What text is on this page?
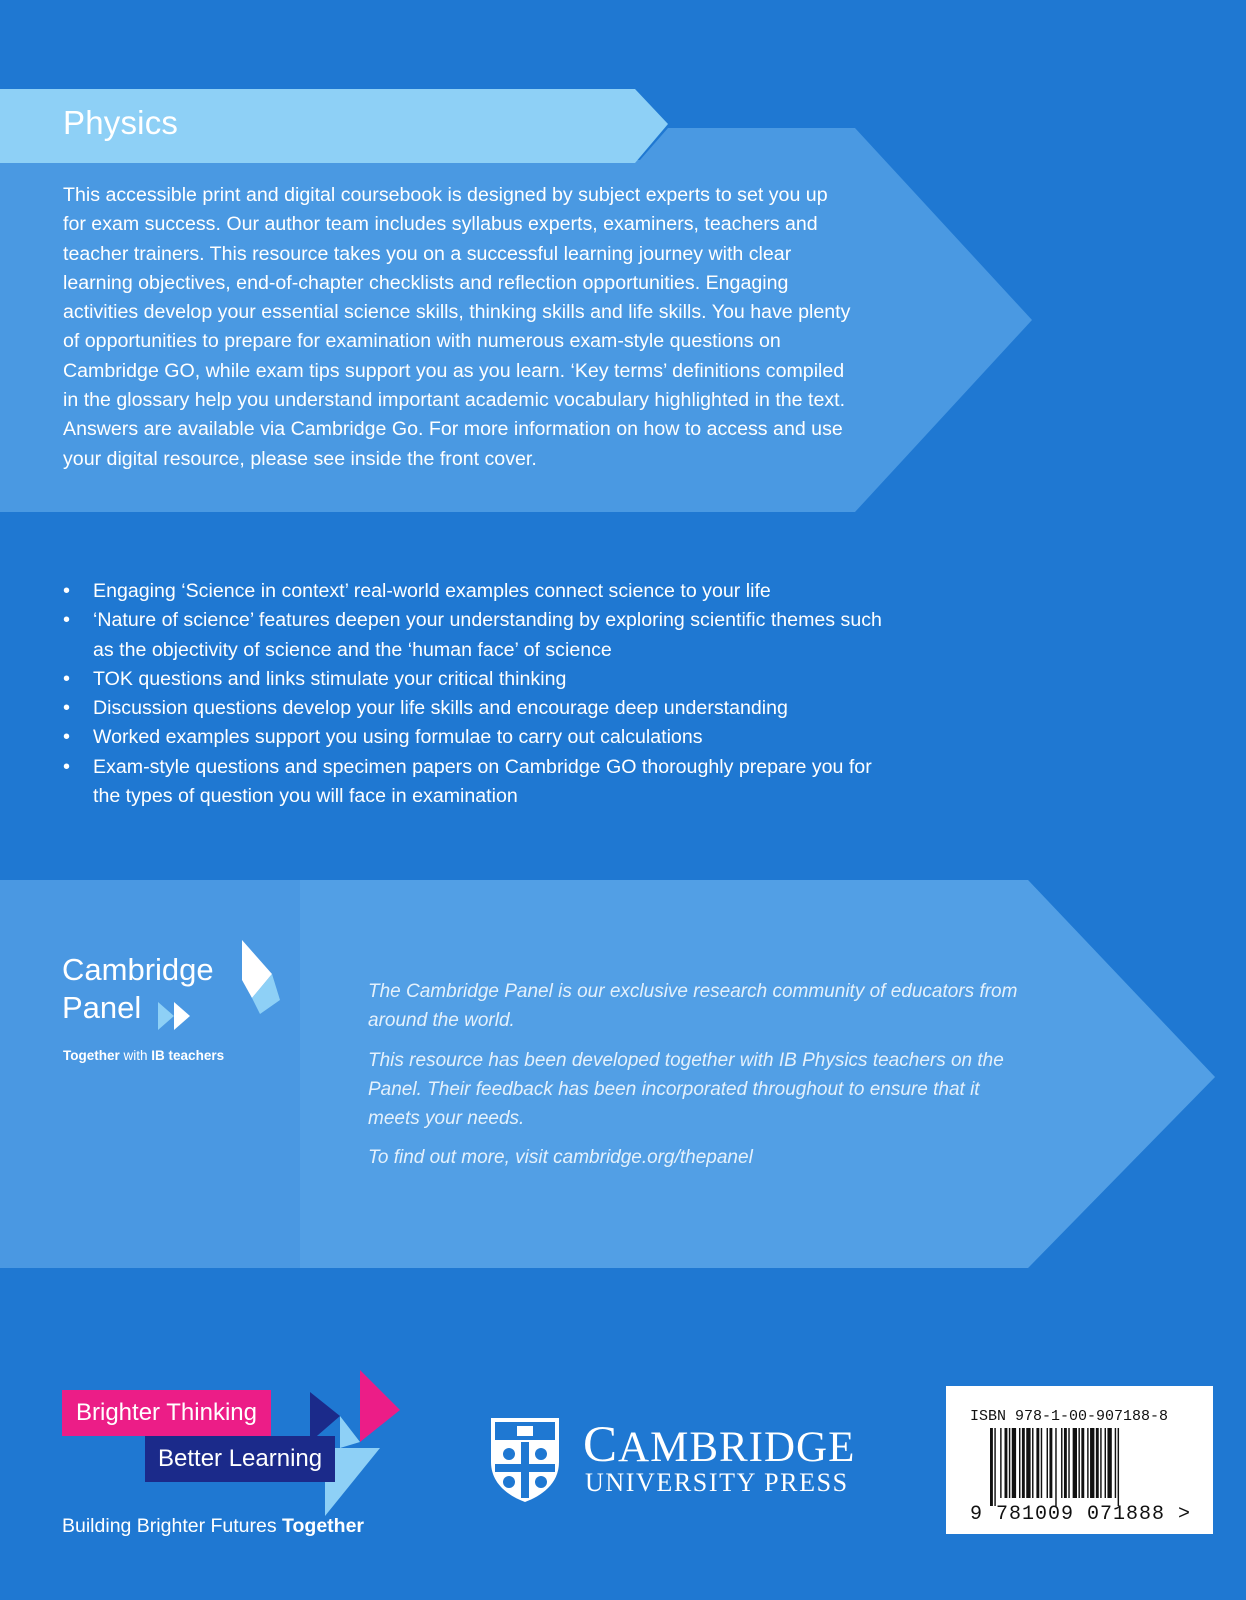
Physics

This accessible print and digital coursebook is designed by subject experts to set you up for exam success. Our author team includes syllabus experts, examiners, teachers and teacher trainers. This resource takes you on a successful learning journey with clear learning objectives, end-of-chapter checklists and reflection opportunities. Engaging activities develop your essential science skills, thinking skills and life skills. You have plenty of opportunities to prepare for examination with numerous exam-style questions on Cambridge GO, while exam tips support you as you learn. ‘Key terms’ definitions compiled in the glossary help you understand important academic vocabulary highlighted in the text. Answers are available via Cambridge Go. For more information on how to access and use your digital resource, please see inside the front cover.

• Engaging ‘Science in context’ real-world examples connect science to your life
• ‘Nature of science’ features deepen your understanding by exploring scientific themes such as the objectivity of science and the ‘human face’ of science
• TOK questions and links stimulate your critical thinking
• Discussion questions develop your life skills and encourage deep understanding
• Worked examples support you using formulae to carry out calculations
• Exam-style questions and specimen papers on Cambridge GO thoroughly prepare you for the types of question you will face in examination
Cambridge
Panel
Together with IB teachers

The Cambridge Panel is our exclusive research community of educators from around the world.

This resource has been developed together with IB Physics teachers on the Panel. Their feedback has been incorporated throughout to ensure that it meets your needs.

To find out more, visit cambridge.org/thepanel

Brighter Thinking
Better Learning
Building Brighter Futures Together
CAMBRIDGE
UNIVERSITY PRESS
ISBN 978-1-00-907188-8
9 781009 071888 >
